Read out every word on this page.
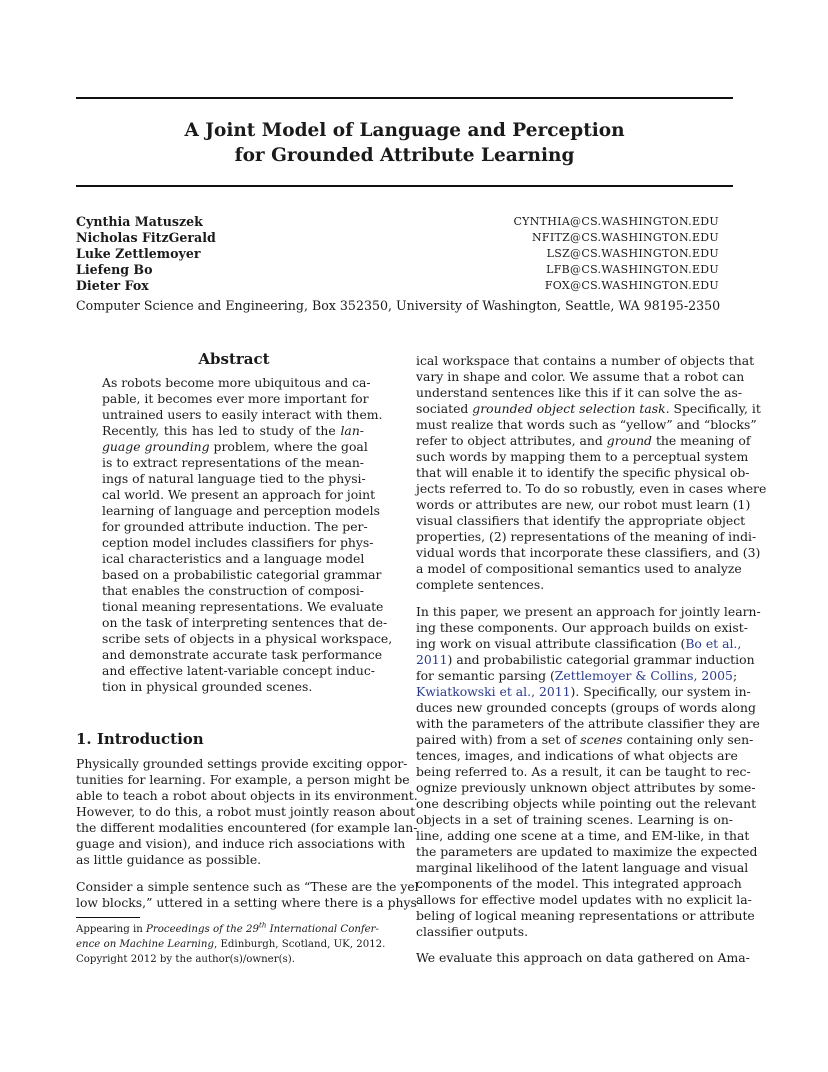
A Joint Model of Language and Perception
for Grounded Attribute Learning
Cynthia Matuszek	CYNTHIA@CS.WASHINGTON.EDU
Nicholas FitzGerald	NFITZ@CS.WASHINGTON.EDU
Luke Zettlemoyer	LSZ@CS.WASHINGTON.EDU
Liefeng Bo	LFB@CS.WASHINGTON.EDU
Dieter Fox	FOX@CS.WASHINGTON.EDU
Computer Science and Engineering, Box 352350, University of Washington, Seattle, WA 98195-2350
Abstract
As robots become more ubiquitous and ca-
pable, it becomes ever more important for
untrained users to easily interact with them.
Recently, this has led to study of the lan-
guage grounding problem, where the goal
is to extract representations of the mean-
ings of natural language tied to the physi-
cal world. We present an approach for joint
learning of language and perception models
for grounded attribute induction. The per-
ception model includes classifiers for phys-
ical characteristics and a language model
based on a probabilistic categorial grammar
that enables the construction of composi-
tional meaning representations. We evaluate
on the task of interpreting sentences that de-
scribe sets of objects in a physical workspace,
and demonstrate accurate task performance
and effective latent-variable concept induc-
tion in physical grounded scenes.
1. Introduction
Physically grounded settings provide exciting oppor-
tunities for learning. For example, a person might be
able to teach a robot about objects in its environment.
However, to do this, a robot must jointly reason about
the different modalities encountered (for example lan-
guage and vision), and induce rich associations with
as little guidance as possible.
Consider a simple sentence such as “These are the yel-
low blocks,” uttered in a setting where there is a phys-
Appearing in Proceedings of the 29th International Confer-
ence on Machine Learning, Edinburgh, Scotland, UK, 2012.
Copyright 2012 by the author(s)/owner(s).
ical workspace that contains a number of objects that
vary in shape and color. We assume that a robot can
understand sentences like this if it can solve the as-
sociated grounded object selection task. Specifically, it
must realize that words such as “yellow” and “blocks”
refer to object attributes, and ground the meaning of
such words by mapping them to a perceptual system
that will enable it to identify the specific physical ob-
jects referred to. To do so robustly, even in cases where
words or attributes are new, our robot must learn (1)
visual classifiers that identify the appropriate object
properties, (2) representations of the meaning of indi-
vidual words that incorporate these classifiers, and (3)
a model of compositional semantics used to analyze
complete sentences.
In this paper, we present an approach for jointly learn-
ing these components. Our approach builds on exist-
ing work on visual attribute classification (Bo et al.,
2011) and probabilistic categorial grammar induction
for semantic parsing (Zettlemoyer & Collins, 2005;
Kwiatkowski et al., 2011). Specifically, our system in-
duces new grounded concepts (groups of words along
with the parameters of the attribute classifier they are
paired with) from a set of scenes containing only sen-
tences, images, and indications of what objects are
being referred to. As a result, it can be taught to rec-
ognize previously unknown object attributes by some-
one describing objects while pointing out the relevant
objects in a set of training scenes. Learning is on-
line, adding one scene at a time, and EM-like, in that
the parameters are updated to maximize the expected
marginal likelihood of the latent language and visual
components of the model. This integrated approach
allows for effective model updates with no explicit la-
beling of logical meaning representations or attribute
classifier outputs.
We evaluate this approach on data gathered on Ama-
